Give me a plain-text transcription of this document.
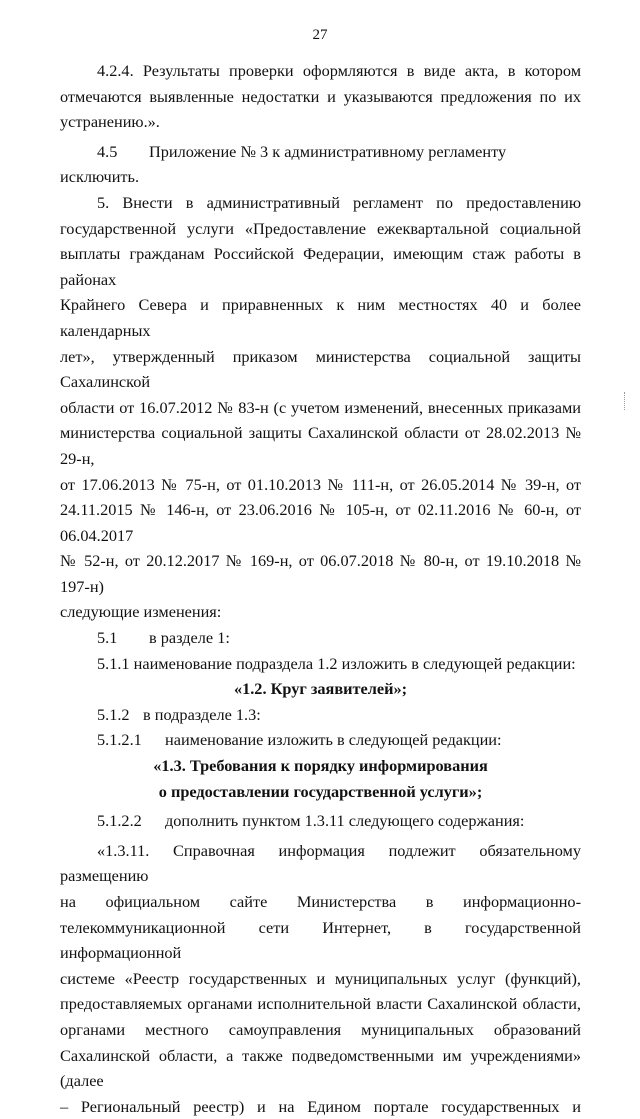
27

4.2.4. Результаты проверки оформляются в виде акта, в котором

отмечаются выявленные недостатки и указываются предложения по их

устранению.».

4.5 Приложение № 3 к административному регламенту исключить.

5. Внести в административный регламент по предоставлению

государственной услуги «Предоставление ежеквартальной социальной

выплаты гражданам Российской Федерации, имеющим стаж работы в районах

Крайнего Севера и приравненных к ним местностях 40 и более календарных

лет», утвержденный приказом министерства социальной защиты Сахалинской

области от 16.07.2012 № 83-н (с учетом изменений, внесенных приказами

министерства социальной защиты Сахалинской области от 28.02.2013 № 29-н,

от 17.06.2013 № 75-н, от 01.10.2013 № 111-н, от 26.05.2014 № 39-н, от

24.11.2015 № 146-н, от 23.06.2016 № 105-н, от 02.11.2016 № 60-н, от 06.04.2017

№ 52-н, от 20.12.2017 № 169-н, от 06.07.2018 № 80-н, от 19.10.2018 № 197-н)

следующие изменения:

5.1 в разделе 1:

5.1.1 наименование подраздела 1.2 изложить в следующей редакции:

«1.2. Круг заявителей»;

5.1.2 в подразделе 1.3:

5.1.2.1 наименование изложить в следующей редакции:

«1.3. Требования к порядку информирования

о предоставлении государственной услуги»;

5.1.2.2 дополнить пунктом 1.3.11 следующего содержания:

«1.3.11. Справочная информация подлежит обязательному размещению

на официальном сайте Министерства в информационно-

телекоммуникационной сети Интернет, в государственной информационной

системе «Реестр государственных и муниципальных услуг (функций),

предоставляемых органами исполнительной власти Сахалинской области,

органами местного самоуправления муниципальных образований

Сахалинской области, а также подведомственными им учреждениями» (далее

– Региональный реестр) и на Едином портале государственных и
